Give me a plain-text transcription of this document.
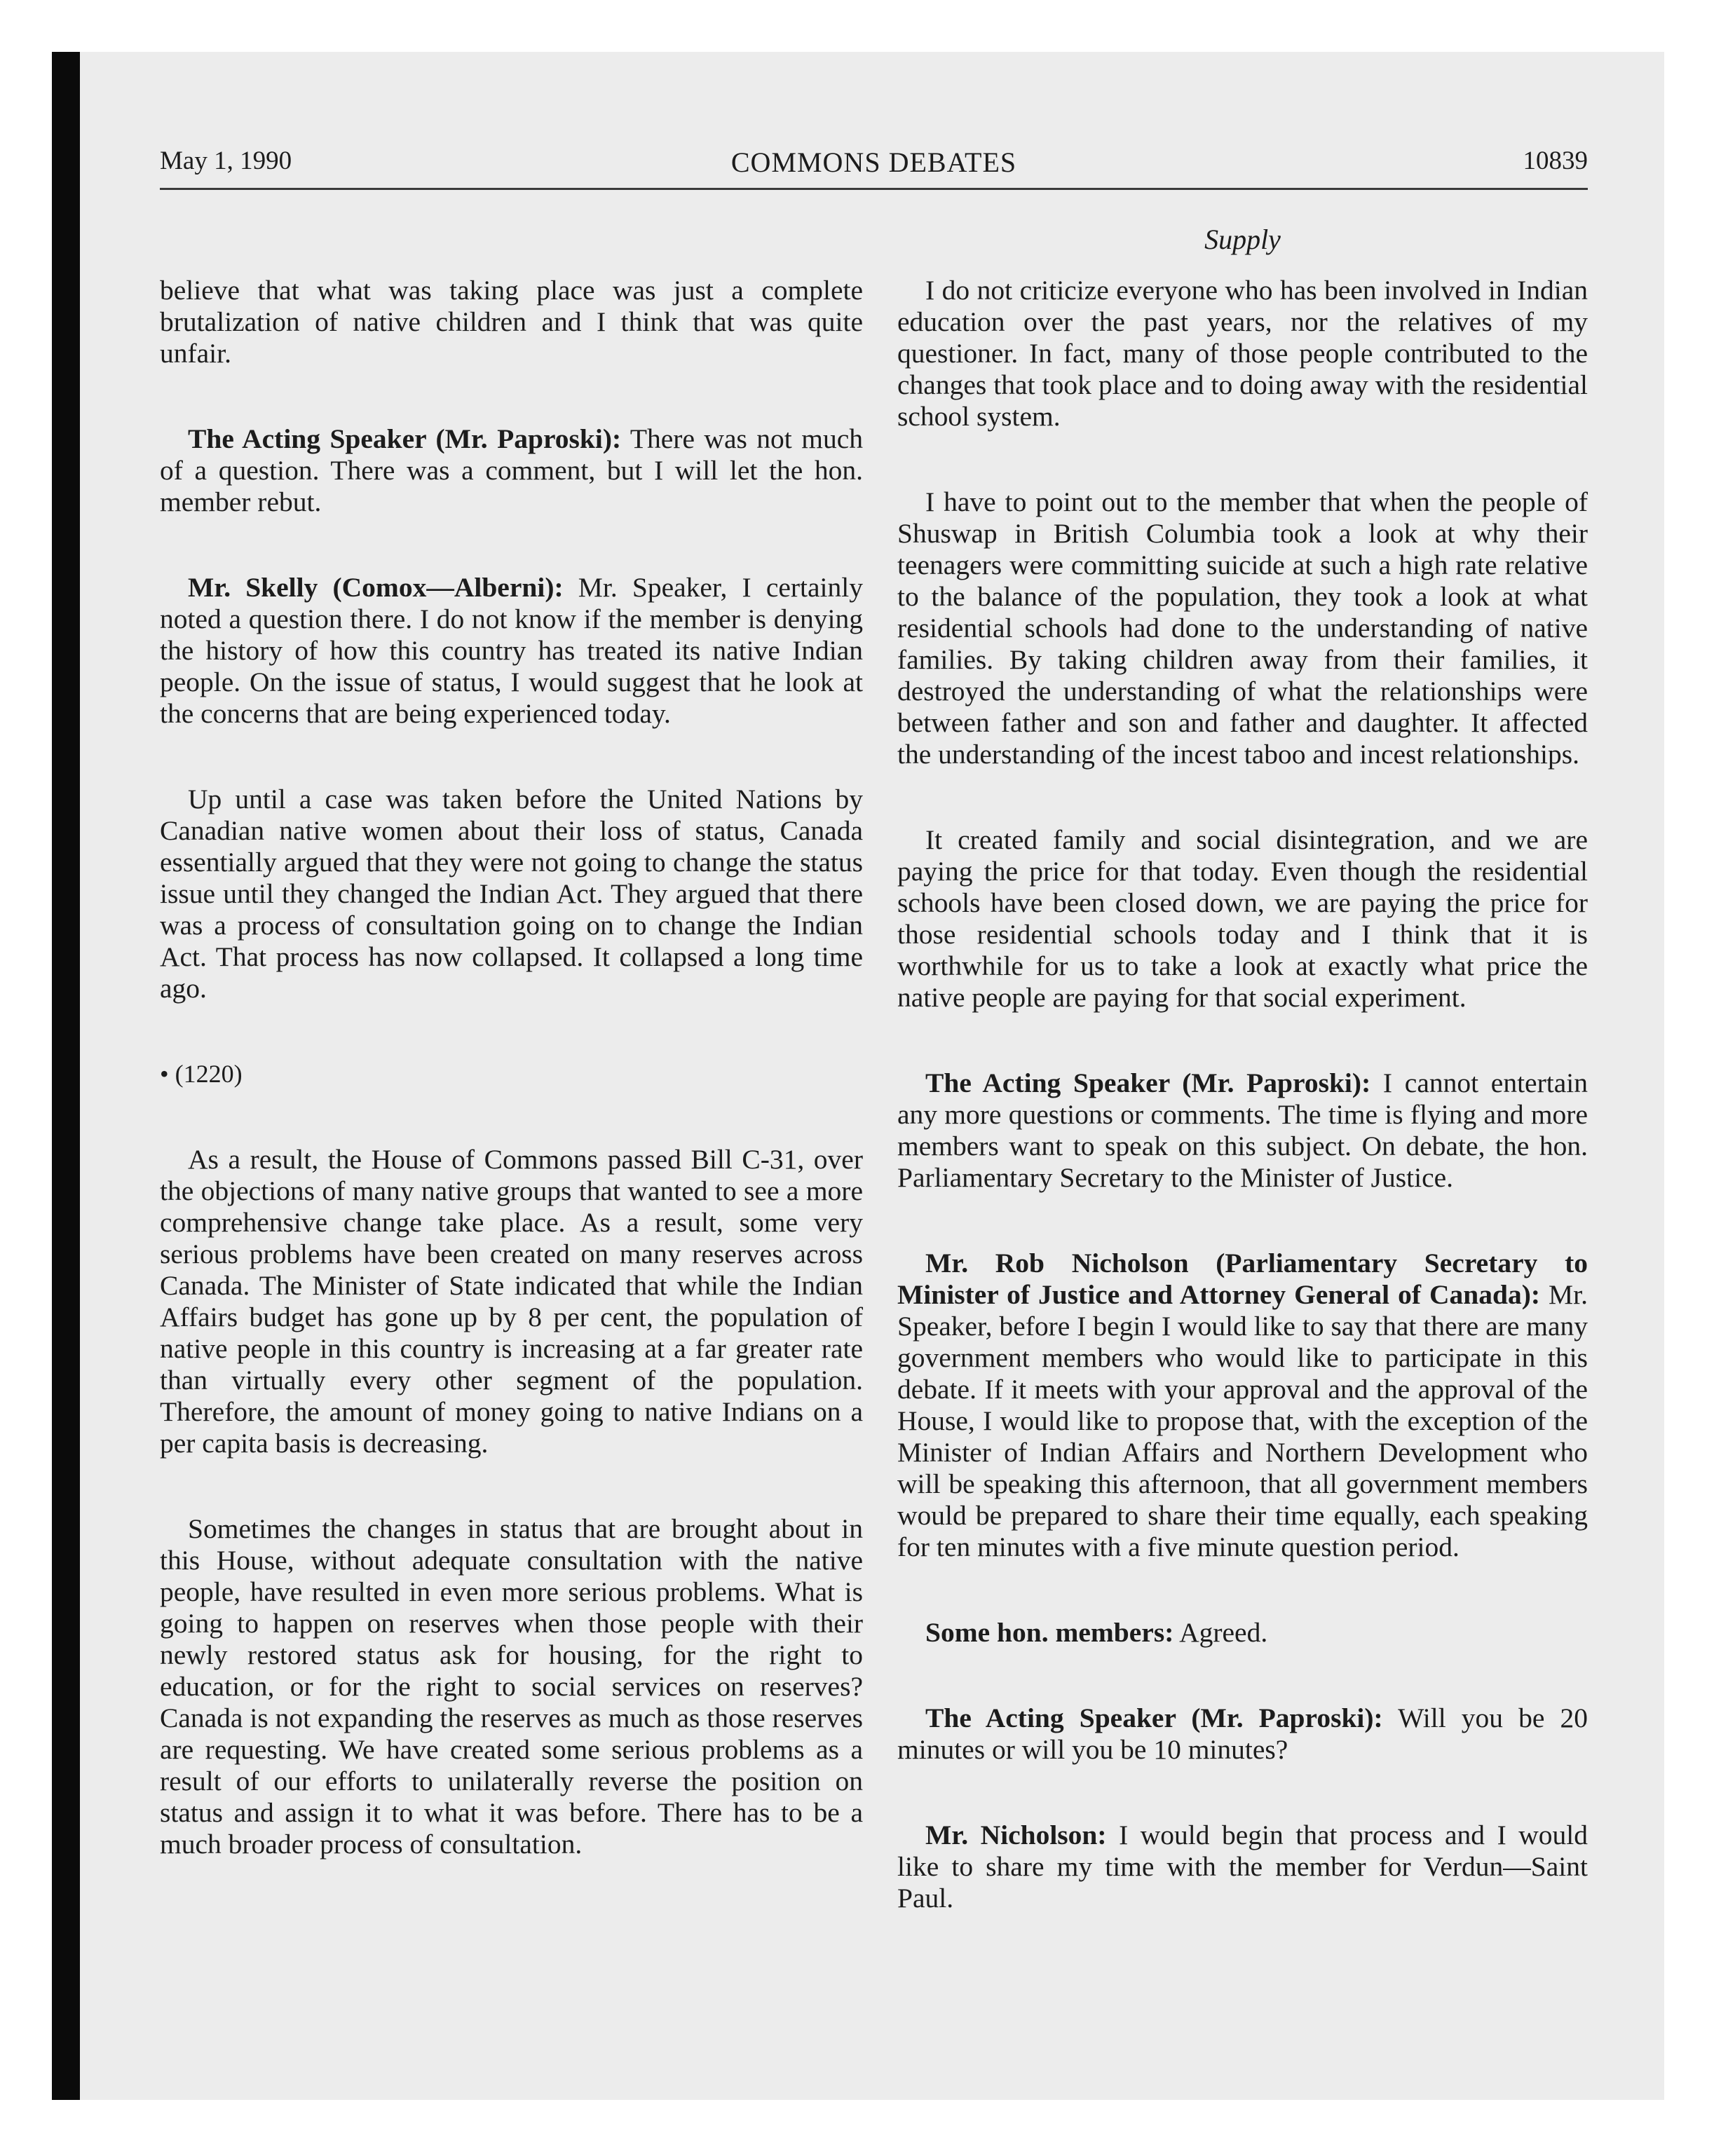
May 1, 1990	COMMONS DEBATES	10839
Supply

believe that what was taking place was just a complete brutalization of native children and I think that was quite unfair.

The Acting Speaker (Mr. Paproski): There was not much of a question. There was a comment, but I will let the hon. member rebut.

Mr. Skelly (Comox—Alberni): Mr. Speaker, I certainly noted a question there. I do not know if the member is denying the history of how this country has treated its native Indian people. On the issue of status, I would suggest that he look at the concerns that are being experienced today.

Up until a case was taken before the United Nations by Canadian native women about their loss of status, Canada essentially argued that they were not going to change the status issue until they changed the Indian Act. They argued that there was a process of consultation going on to change the Indian Act. That process has now collapsed. It collapsed a long time ago.

• (1220)

As a result, the House of Commons passed Bill C-31, over the objections of many native groups that wanted to see a more comprehensive change take place. As a result, some very serious problems have been created on many reserves across Canada. The Minister of State indicated that while the Indian Affairs budget has gone up by 8 per cent, the population of native people in this country is increasing at a far greater rate than virtually every other segment of the population. Therefore, the amount of money going to native Indians on a per capita basis is decreasing.

Sometimes the changes in status that are brought about in this House, without adequate consultation with the native people, have resulted in even more serious problems. What is going to happen on reserves when those people with their newly restored status ask for housing, for the right to education, or for the right to social services on reserves? Canada is not expanding the reserves as much as those reserves are requesting. We have created some serious problems as a result of our efforts to unilaterally reverse the position on status and assign it to what it was before. There has to be a much broader process of consultation.

I do not criticize everyone who has been involved in Indian education over the past years, nor the relatives of my questioner. In fact, many of those people contributed to the changes that took place and to doing away with the residential school system.

I have to point out to the member that when the people of Shuswap in British Columbia took a look at why their teenagers were committing suicide at such a high rate relative to the balance of the population, they took a look at what residential schools had done to the understanding of native families. By taking children away from their families, it destroyed the understanding of what the relationships were between father and son and father and daughter. It affected the understanding of the incest taboo and incest relationships.

It created family and social disintegration, and we are paying the price for that today. Even though the residential schools have been closed down, we are paying the price for those residential schools today and I think that it is worthwhile for us to take a look at exactly what price the native people are paying for that social experiment.

The Acting Speaker (Mr. Paproski): I cannot entertain any more questions or comments. The time is flying and more members want to speak on this subject. On debate, the hon. Parliamentary Secretary to the Minister of Justice.

Mr. Rob Nicholson (Parliamentary Secretary to Minister of Justice and Attorney General of Canada): Mr. Speaker, before I begin I would like to say that there are many government members who would like to participate in this debate. If it meets with your approval and the approval of the House, I would like to propose that, with the exception of the Minister of Indian Affairs and Northern Development who will be speaking this afternoon, that all government members would be prepared to share their time equally, each speaking for ten minutes with a five minute question period.

Some hon. members: Agreed.

The Acting Speaker (Mr. Paproski): Will you be 20 minutes or will you be 10 minutes?

Mr. Nicholson: I would begin that process and I would like to share my time with the member for Verdun—Saint Paul.
